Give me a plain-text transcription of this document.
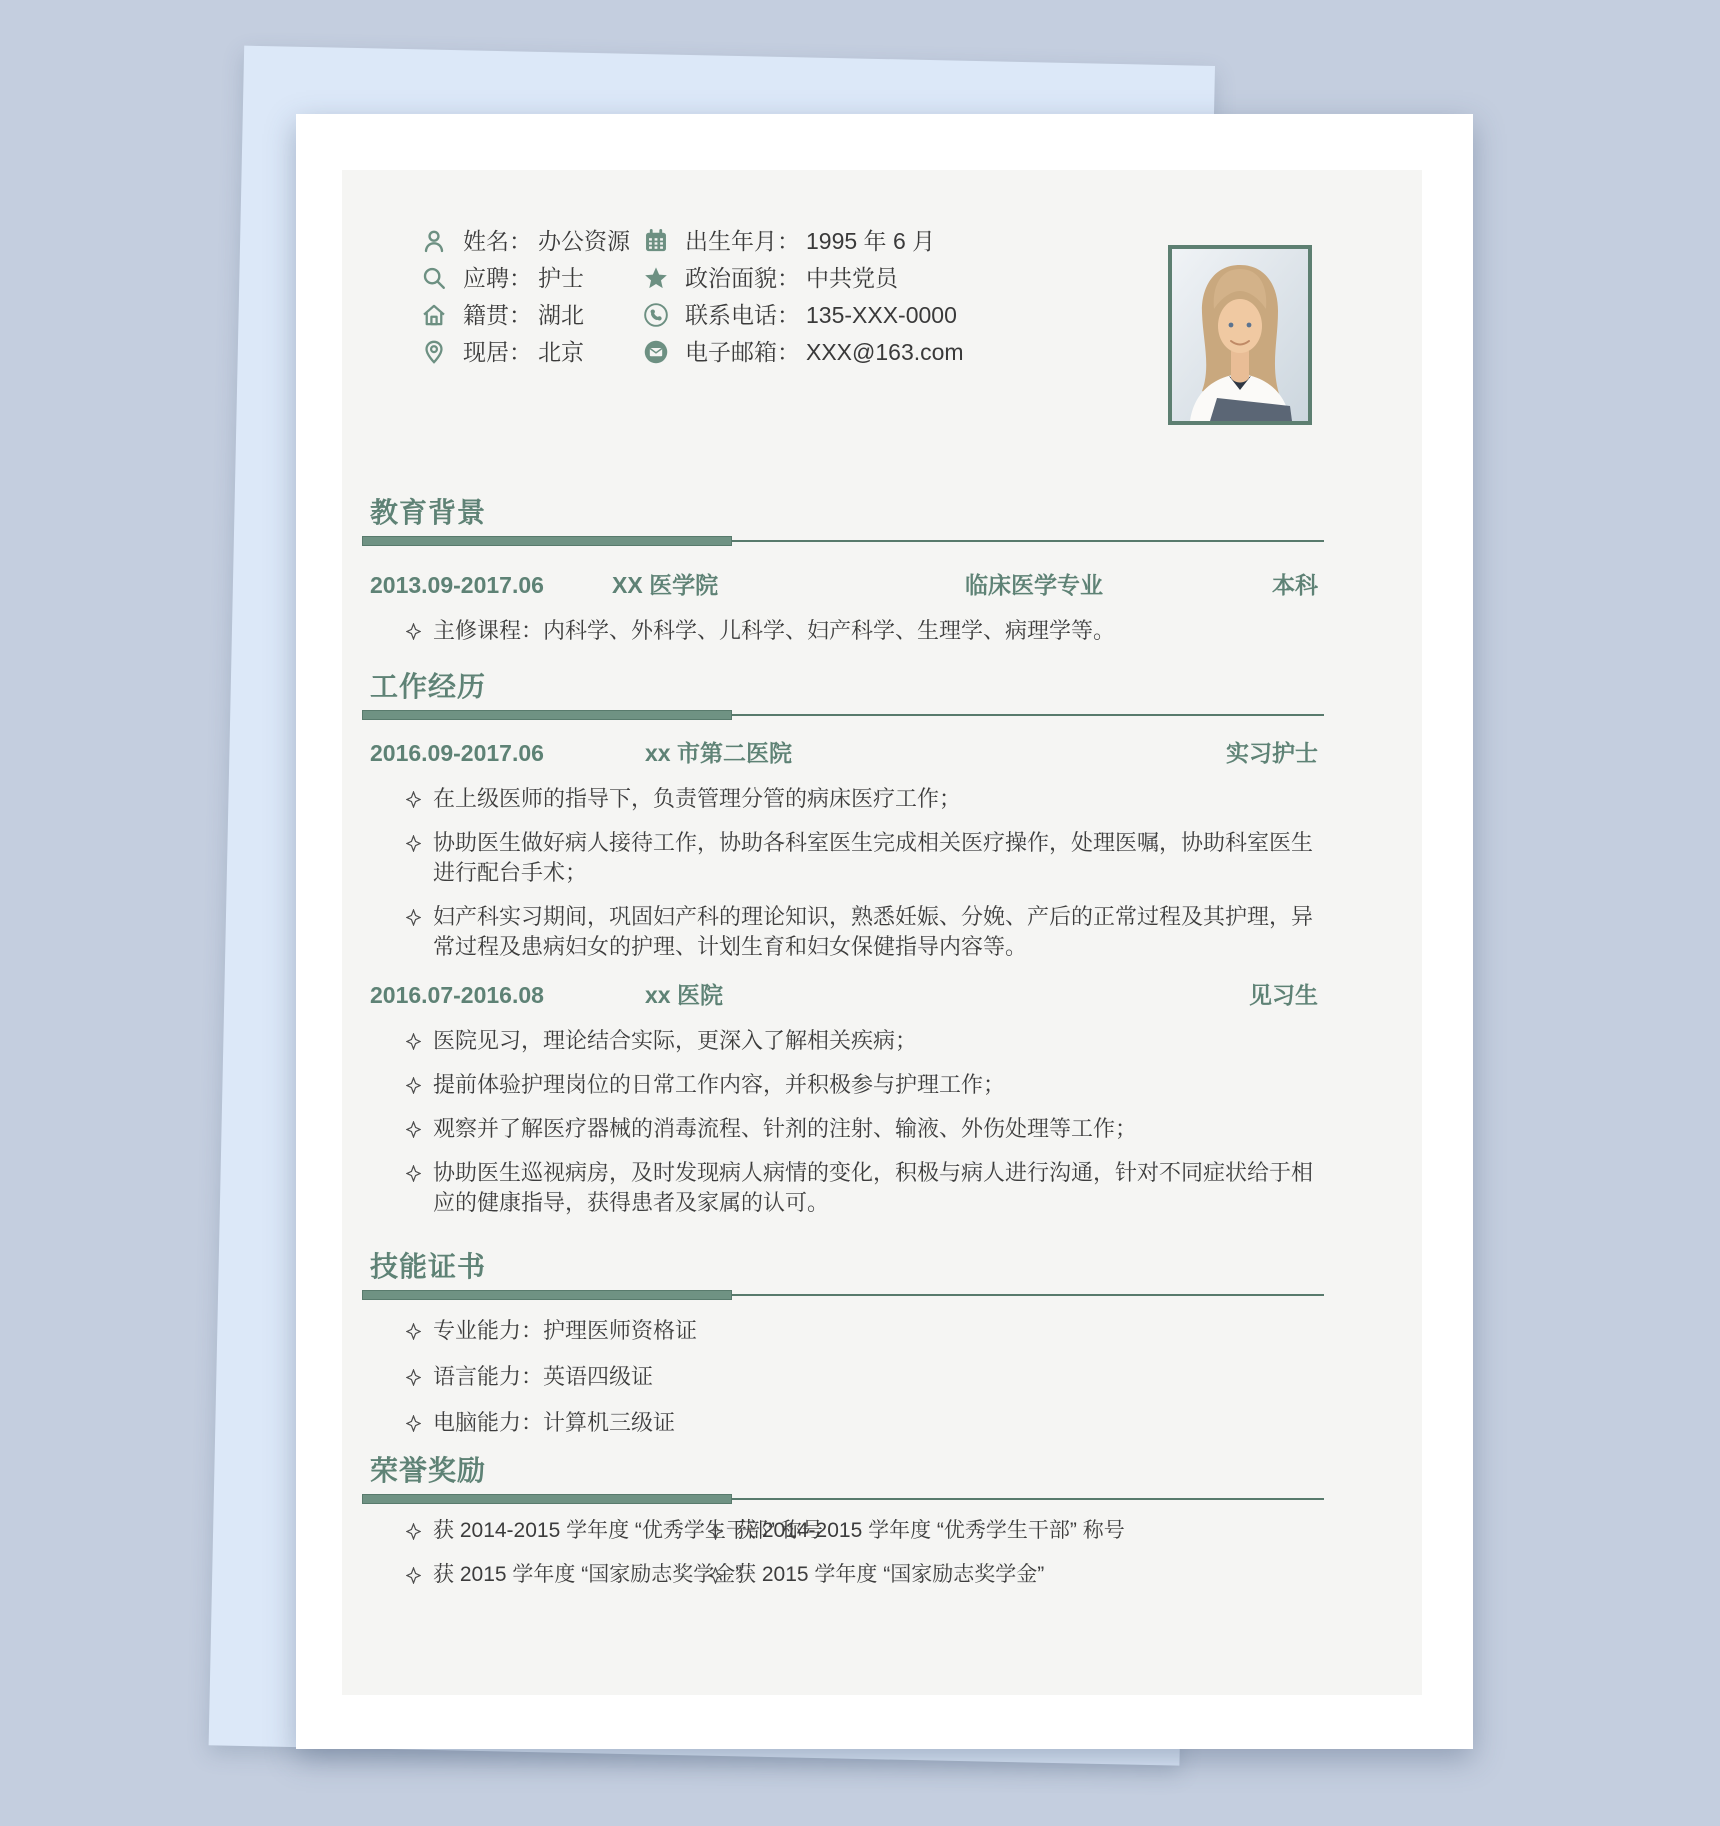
姓名： 办公资源
应聘： 护士
籍贯： 湖北
现居： 北京
出生年月： 1995 年 6 月
政治面貌： 中共党员
联系电话： 135-XXX-0000
电子邮箱： XXX@163.com
教育背景
2013.09-2017.06	XX 医学院	临床医学专业	本科
主修课程：内科学、外科学、儿科学、妇产科学、生理学、病理学等。
工作经历
2016.09-2017.06	xx 市第二医院	实习护士
在上级医师的指导下，负责管理分管的病床医疗工作；
协助医生做好病人接待工作，协助各科室医生完成相关医疗操作，处理医嘱，协助科室医生进行配台手术；
妇产科实习期间，巩固妇产科的理论知识，熟悉妊娠、分娩、产后的正常过程及其护理，异常过程及患病妇女的护理、计划生育和妇女保健指导内容等。
2016.07-2016.08	xx 医院	见习生
医院见习，理论结合实际，更深入了解相关疾病；
提前体验护理岗位的日常工作内容，并积极参与护理工作；
观察并了解医疗器械的消毒流程、针剂的注射、输液、外伤处理等工作；
协助医生巡视病房，及时发现病人病情的变化，积极与病人进行沟通，针对不同症状给于相应的健康指导，获得患者及家属的认可。
技能证书
专业能力：护理医师资格证
语言能力：英语四级证
电脑能力：计算机三级证
荣誉奖励
获 2014-2015 学年度 “优秀学生干部” 称号
获 2014-2015 学年度 “优秀学生干部” 称号
获 2015 学年度 “国家励志奖学金”
获 2015 学年度 “国家励志奖学金”
